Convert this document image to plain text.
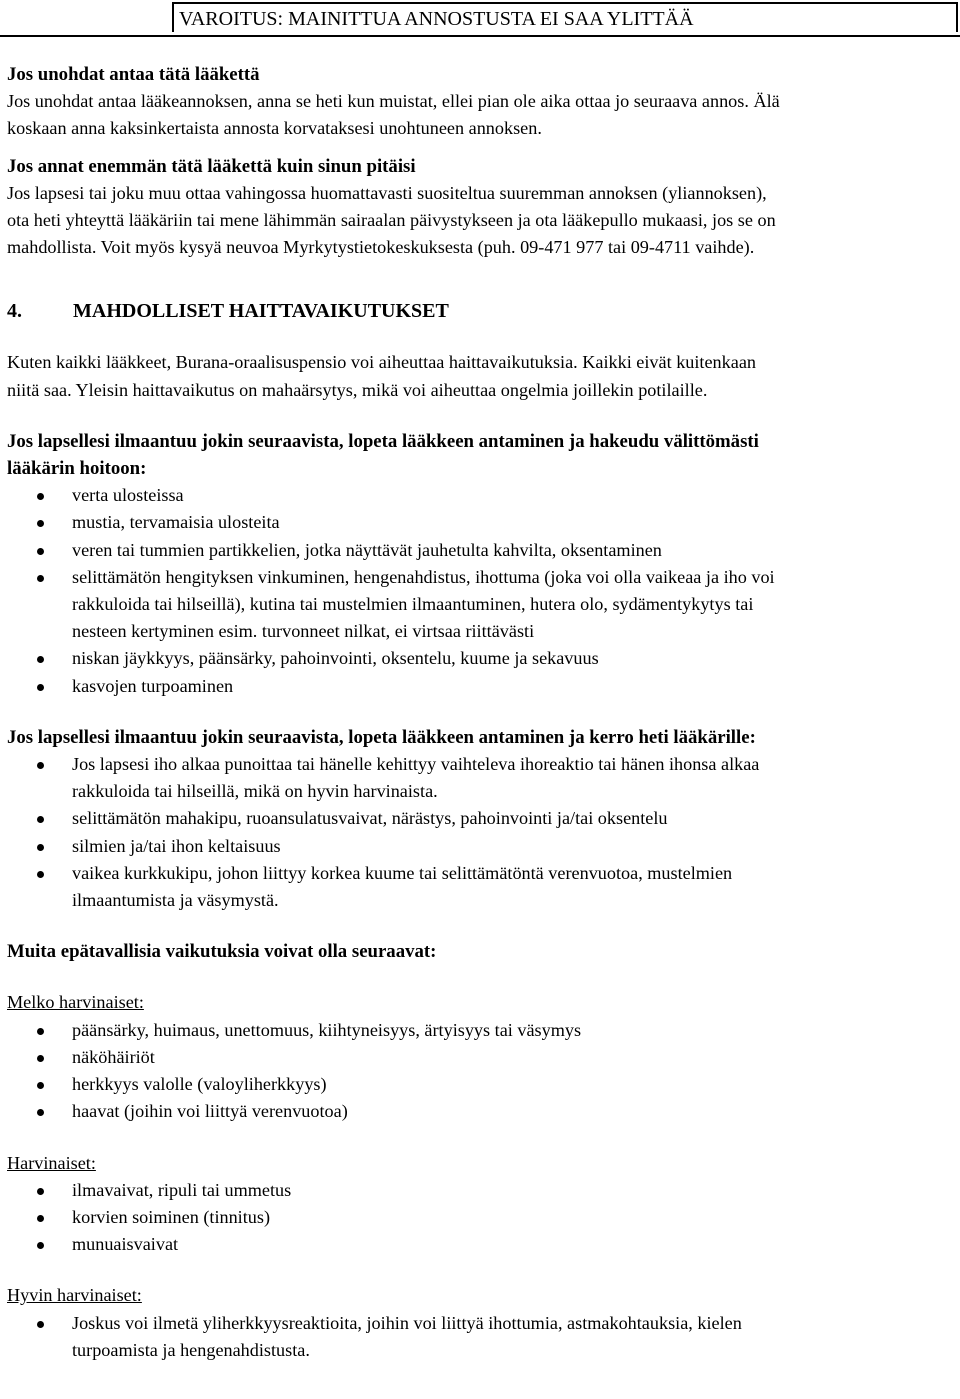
VAROITUS: MAINITTUA ANNOSTUSTA EI SAA YLITTÄÄ
Jos unohdat antaa tätä lääkettä
Jos unohdat antaa lääkeannoksen, anna se heti kun muistat, ellei pian ole aika ottaa jo seuraava annos. Älä
koskaan anna kaksinkertaista annosta korvataksesi unohtuneen annoksen.
Jos annat enemmän tätä lääkettä kuin sinun pitäisi
Jos lapsesi tai joku muu ottaa vahingossa huomattavasti suositeltua suuremman annoksen (yliannoksen),
ota heti yhteyttä lääkäriin tai mene lähimmän sairaalan päivystykseen ja ota lääkepullo mukaasi, jos se on
mahdollista. Voit myös kysyä neuvoa Myrkytystietokeskuksesta (puh. 09-471 977 tai 09-4711 vaihde).
4.	MAHDOLLISET HAITTAVAIKUTUKSET
Kuten kaikki lääkkeet, Burana-oraalisuspensio voi aiheuttaa haittavaikutuksia. Kaikki eivät kuitenkaan
niitä saa. Yleisin haittavaikutus on mahaärsytys, mikä voi aiheuttaa ongelmia joillekin potilaille.
Jos lapsellesi ilmaantuu jokin seuraavista, lopeta lääkkeen antaminen ja hakeudu välittömästi
lääkärin hoitoon:
verta ulosteissa
mustia, tervamaisia ulosteita
veren tai tummien partikkelien, jotka näyttävät jauhetulta kahvilta, oksentaminen
selittämätön hengityksen vinkuminen, hengenahdistus, ihottuma (joka voi olla vaikeaa ja iho voi
rakkuloida tai hilseillä), kutina tai mustelmien ilmaantuminen, hutera olo, sydämentykytys tai
nesteen kertyminen esim. turvonneet nilkat, ei virtsaa riittävästi
niskan jäykkyys, päänsärky, pahoinvointi, oksentelu, kuume ja sekavuus
kasvojen turpoaminen
Jos lapsellesi ilmaantuu jokin seuraavista, lopeta lääkkeen antaminen ja kerro heti lääkärille:
Jos lapsesi iho alkaa punoittaa tai hänelle kehittyy vaihteleva ihoreaktio tai hänen ihonsa alkaa
rakkuloida tai hilseillä, mikä on hyvin harvinaista.
selittämätön mahakipu, ruoansulatusvaivat, närästys, pahoinvointi ja/tai oksentelu
silmien ja/tai ihon keltaisuus
vaikea kurkkukipu, johon liittyy korkea kuume tai selittämätöntä verenvuotoa, mustelmien
ilmaantumista ja väsymystä.
Muita epätavallisia vaikutuksia voivat olla seuraavat:
Melko harvinaiset:
päänsärky, huimaus, unettomuus, kiihtyneisyys, ärtyisyys tai väsymys
näköhäiriöt
herkkyys valolle (valoyliherkkyys)
haavat (joihin voi liittyä verenvuotoa)
Harvinaiset:
ilmavaivat, ripuli tai ummetus
korvien soiminen (tinnitus)
munuaisvaivat
Hyvin harvinaiset:
Joskus voi ilmetä yliherkkyysreaktioita, joihin voi liittyä ihottumia, astmakohtauksia, kielen
turpoamista ja hengenahdistusta.
